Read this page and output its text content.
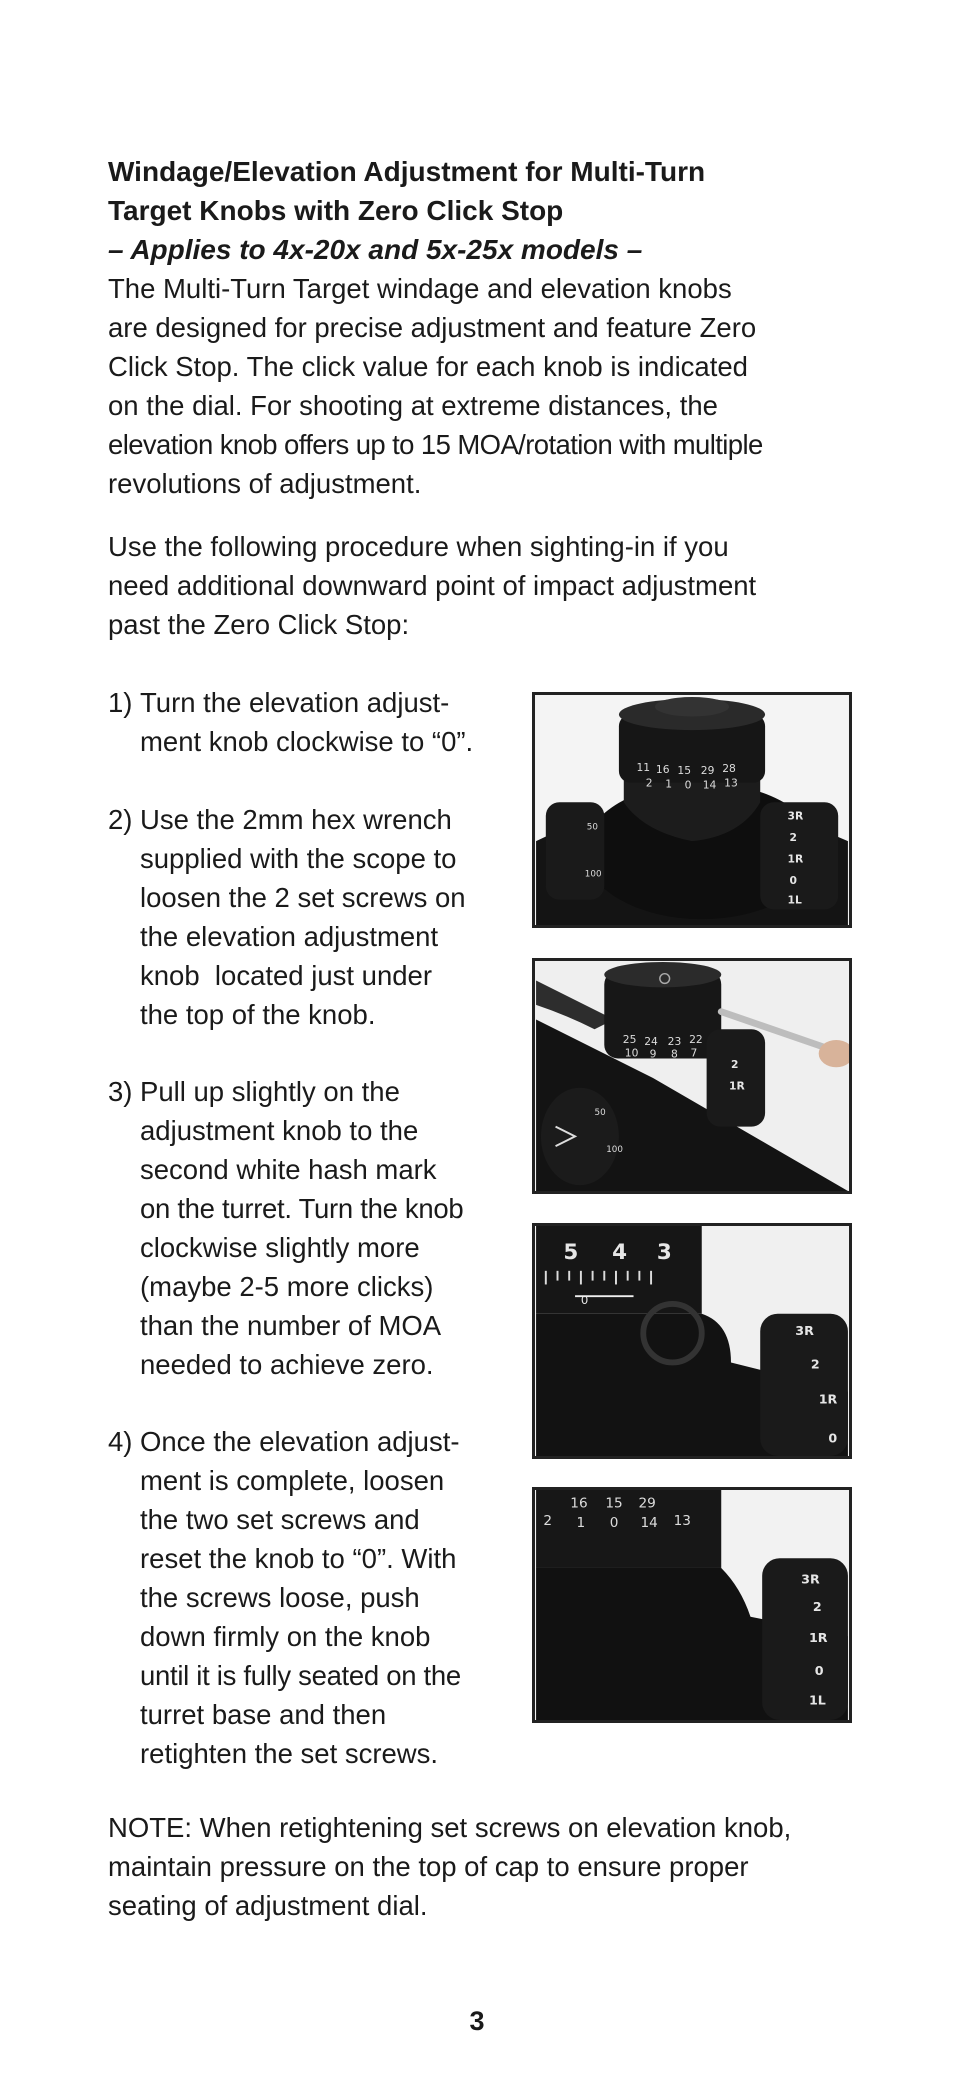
Windage/Elevation Adjustment for Multi-Turn
Target Knobs with Zero Click Stop
– Applies to 4x-20x and 5x-25x models –
The Multi-Turn Target windage and elevation knobs
are designed for precise adjustment and feature Zero
Click Stop. The click value for each knob is indicated
on the dial. For shooting at extreme distances, the
elevation knob offers up to 15 MOA/rotation with multiple
revolutions of adjustment.
Use the following procedure when sighting-in if you
need additional downward point of impact adjustment
past the Zero Click Stop:
1) Turn the elevation adjust-
ment knob clockwise to “0”.
2) Use the 2mm hex wrench
supplied with the scope to
loosen the 2 set screws on
the elevation adjustment
knob  located just under
the top of the knob.
3) Pull up slightly on the
adjustment knob to the
second white hash mark
on the turret. Turn the knob
clockwise slightly more
(maybe 2-5 more clicks)
than the number of MOA
needed to achieve zero.
4) Once the elevation adjust-
ment is complete, loosen
the two set screws and
reset the knob to “0”. With
the screws loose, push
down firmly on the knob
until it is fully seated on the
turret base and then
retighten the set screws.
11 16 15 29 28
2 1 0 14 13
50
100
3R
2
1R
0
1L
25 24 23 22
10 9 8 7
2
1R
50
100
5 4 3
0
3R
2
1R
0
16 15 29
2 1 0 14 13
3R
2
1R
0
1L
NOTE: When retightening set screws on elevation knob,
maintain pressure on the top of cap to ensure proper
seating of adjustment dial.
3
